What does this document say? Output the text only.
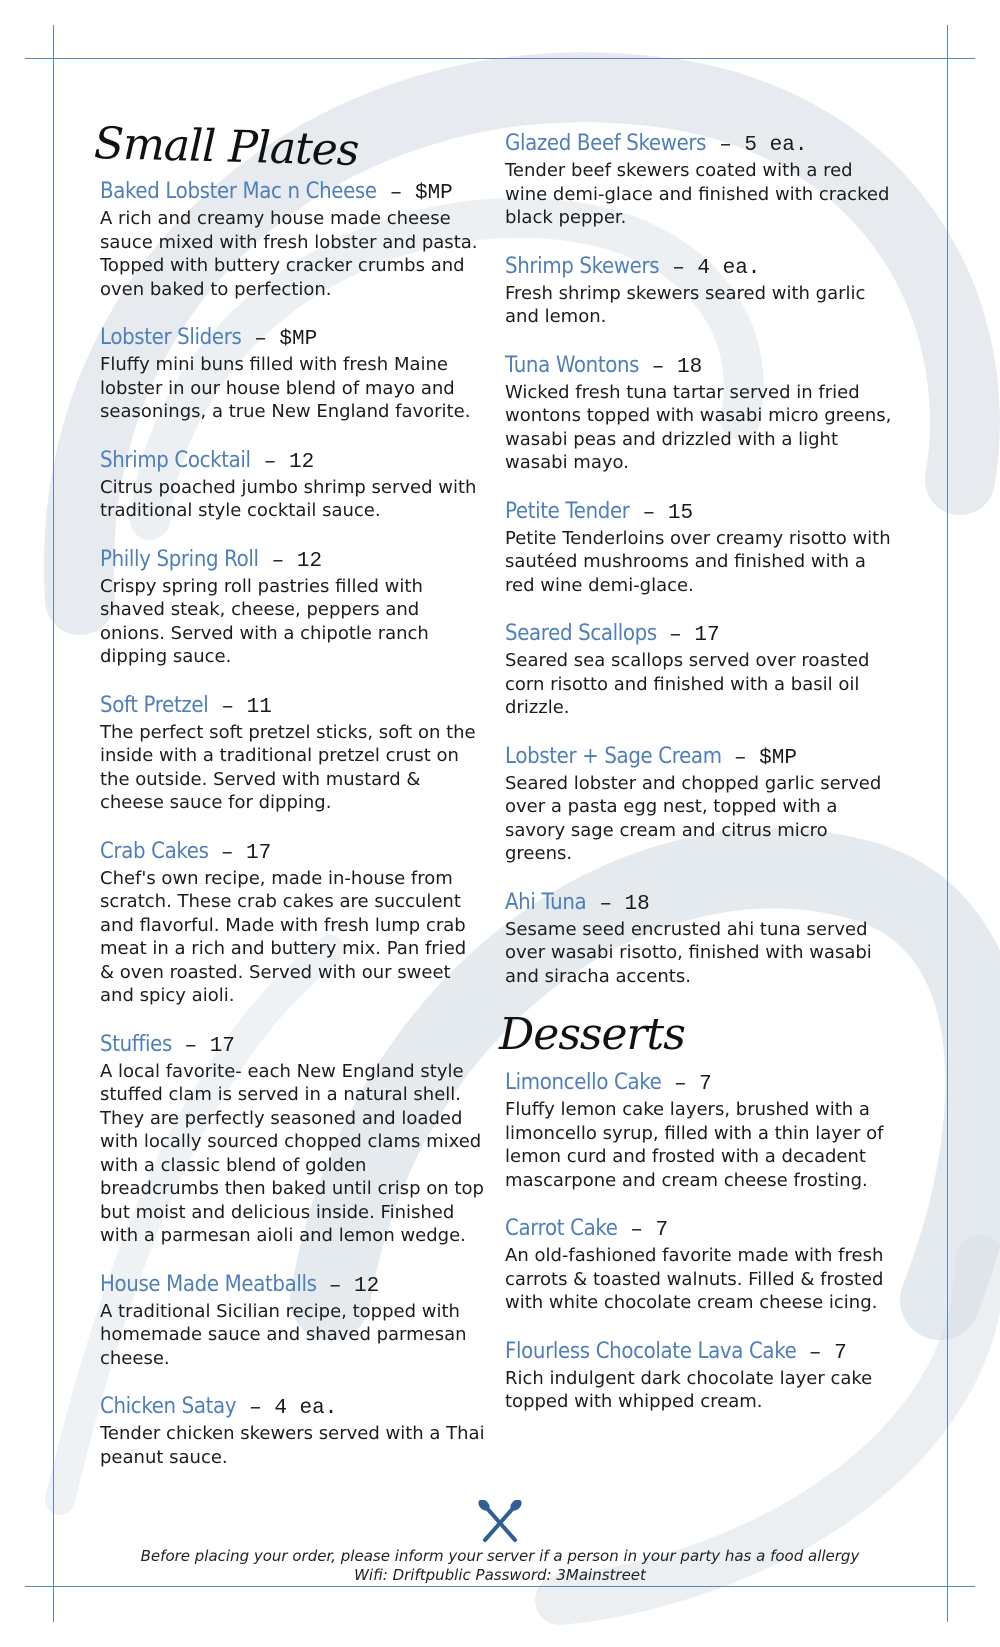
Small Plates
Baked Lobster Mac n Cheese – $MP
A rich and creamy house made cheese sauce mixed with fresh lobster and pasta. Topped with buttery cracker crumbs and oven baked to perfection.
Lobster Sliders – $MP
Fluffy mini buns filled with fresh Maine lobster in our house blend of mayo and seasonings, a true New England favorite.
Shrimp Cocktail – 12
Citrus poached jumbo shrimp served with traditional style cocktail sauce.
Philly Spring Roll – 12
Crispy spring roll pastries filled with shaved steak, cheese, peppers and onions. Served with a chipotle ranch dipping sauce.
Soft Pretzel – 11
The perfect soft pretzel sticks, soft on the inside with a traditional pretzel crust on the outside. Served with mustard & cheese sauce for dipping.
Crab Cakes – 17
Chef's own recipe, made in-house from scratch. These crab cakes are succulent and flavorful. Made with fresh lump crab meat in a rich and buttery mix. Pan fried & oven roasted. Served with our sweet and spicy aioli.
Stuffies – 17
A local favorite- each New England style stuffed clam is served in a natural shell. They are perfectly seasoned and loaded with locally sourced chopped clams mixed with a classic blend of golden breadcrumbs then baked until crisp on top but moist and delicious inside. Finished with a parmesan aioli and lemon wedge.
House Made Meatballs – 12
A traditional Sicilian recipe, topped with homemade sauce and shaved parmesan cheese.
Chicken Satay – 4 ea.
Tender chicken skewers served with a Thai peanut sauce.
Glazed Beef Skewers – 5 ea.
Tender beef skewers coated with a red wine demi-glace and finished with cracked black pepper.
Shrimp Skewers – 4 ea.
Fresh shrimp skewers seared with garlic and lemon.
Tuna Wontons – 18
Wicked fresh tuna tartar served in fried wontons topped with wasabi micro greens, wasabi peas and drizzled with a light wasabi mayo.
Petite Tender – 15
Petite Tenderloins over creamy risotto with sautéed mushrooms and finished with a red wine demi-glace.
Seared Scallops – 17
Seared sea scallops served over roasted corn risotto and finished with a basil oil drizzle.
Lobster + Sage Cream – $MP
Seared lobster and chopped garlic served over a pasta egg nest, topped with a savory sage cream and citrus micro greens.
Ahi Tuna – 18
Sesame seed encrusted ahi tuna served over wasabi risotto, finished with wasabi and siracha accents.
Desserts
Limoncello Cake – 7
Fluffy lemon cake layers, brushed with a limoncello syrup, filled with a thin layer of lemon curd and frosted with a decadent mascarpone and cream cheese frosting.
Carrot Cake – 7
An old-fashioned favorite made with fresh carrots & toasted walnuts. Filled & frosted with white chocolate cream cheese icing.
Flourless Chocolate Lava Cake – 7
Rich indulgent dark chocolate layer cake topped with whipped cream.
Before placing your order, please inform your server if a person in your party has a food allergy
Wifi: Driftpublic Password: 3Mainstreet
